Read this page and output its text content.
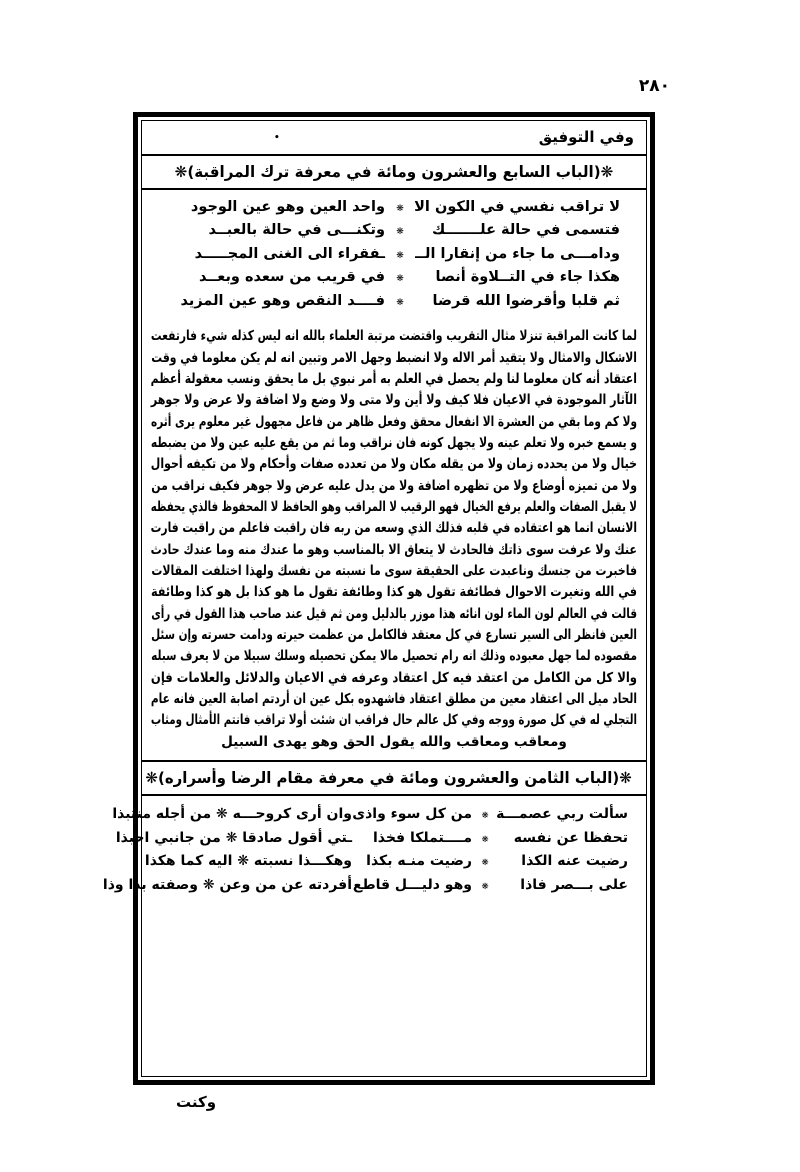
٢٨٠
•	وفي التوفيق
❋(الباب السابع والعشرون ومائة في معرفة ترك المراقبة)❋
لا تراقب نفسي في الكون الا
❋
واحد العين وهو عين الوجود
فتسمى في حالة علـــــــك
❋
وتكنـــى في حالة بالعبــد
ودامـــى ما جاء من إنقارا الــ
❋
ـفقراء الى الغنى المجـــــد
هكذا جاء في التــلاوة أنصا
❋
في قريب من سعده وبعــد
ثم قلبا وأقرضوا الله قرضا
❋
فــــد النقص وهو عين المزيد
لما كانت المراقبة تنزلا مثال التقريب واقتضت مرتبة العلماء بالله انه ليس كذله شيء فارتفعت
الاشكال والامثال ولا يتقيد أمر الاله ولا انضبط وجهل الامر وتبين انه لم يكن معلوما في وقت
اعتقاد أنه كان معلوما لنا ولم يحصل في العلم به أمر نبوي بل ما يحقق ونسب معقولة أعظم
الآثار الموجودة في الاعيان فلا كيف ولا أين ولا متى ولا وضع ولا اضافة ولا عرض ولا جوهر
ولا كم وما بقي من العشرة الا انفعال محقق وفعل ظاهر من فاعل مجهول غير معلوم يرى أثره
و يسمع خبره ولا تعلم عينه ولا يجهل كونه فان نراقب وما ثم من يقع عليه عين ولا من يضبطه
خيال ولا من يحدده زمان ولا من يقله مكان ولا من تعدده صفات وأحكام ولا من تكيفه أحوال
ولا من تميزه أوضاع ولا من تظهره اضافة ولا من يدل عليه عرض ولا جوهر فكيف نراقب من
لا يقبل الصفات والعلم يرفع الخيال فهو الرقيب لا المراقب وهو الحافظ لا المحفوظ فالذي يحفظه
الانسان انما هو اعتقاده في قلبه فذلك الذي وسعه من ربه فان راقبت فاعلم من راقبت فارت
عنك ولا عرفت سوى ذاتك فالحادث لا يتعاق الا بالمناسب وهو ما عندك منه وما عندك حادث
فاخبرت من جنسك وناعبدت على الحقيقة سوى ما نسبته من نفسك ولهذا اختلفت المقالات
في الله وتغيرت الاحوال فطائفة تقول هو كذا وطائفة تقول ما هو كذا بل هو كذا وطائفة
قالت في العالم لون الماء لون انائه هذا موزر بالدليل ومن ثم قيل عند صاحب هذا القول في رأى
العين فانظر الى السير تسارع في كل معتقد فالكامل من عظمت حيرته ودامت حسرته وإن سئل
مقصوده لما جهل معبوده وذلك انه رام تحصيل مالا يمكن تحصيله وسلك سبيلا من لا يعرف سبله
والا كل من الكامل من اعتقد فيه كل اعتقاد وعرفه في الاعيان والدلائل والعلامات فإن
الحاد ميل الى اعتقاد معين من مطلق اعتقاد فاشهدوه بكل عين ان أردتم اصابة العين فانه عام
التجلي له في كل صورة ووجه وفي كل عالم حال فراقب ان شئت أولا تراقب فانتم الأمثال ومثاب
ومعاقب ومعاقب والله يقول الحق وهو يهدى السبيل
❋(الباب الثامن والعشرون ومائة في معرفة مقام الرضا وأسراره)❋
سألت ربي عصمـــة
❋
من كل سوء واذى
وان أرى كروحـــه ❋ من أجله منتبذا
تحفظا عن نفسه
❋
مــــتملكا فخذا
ـتي أقول صادقا ❋ من جانبي احبذا
رضيت عنه الكذا
❋
رضيت منـه بكذا
وهكـــذا نسبته ❋ اليه كما هكذا
على بـــصر فاذا
❋
وهو دليـــل قاطع
أفردته عن من وعن ❋ وصفته بذا وذا
وكنت
